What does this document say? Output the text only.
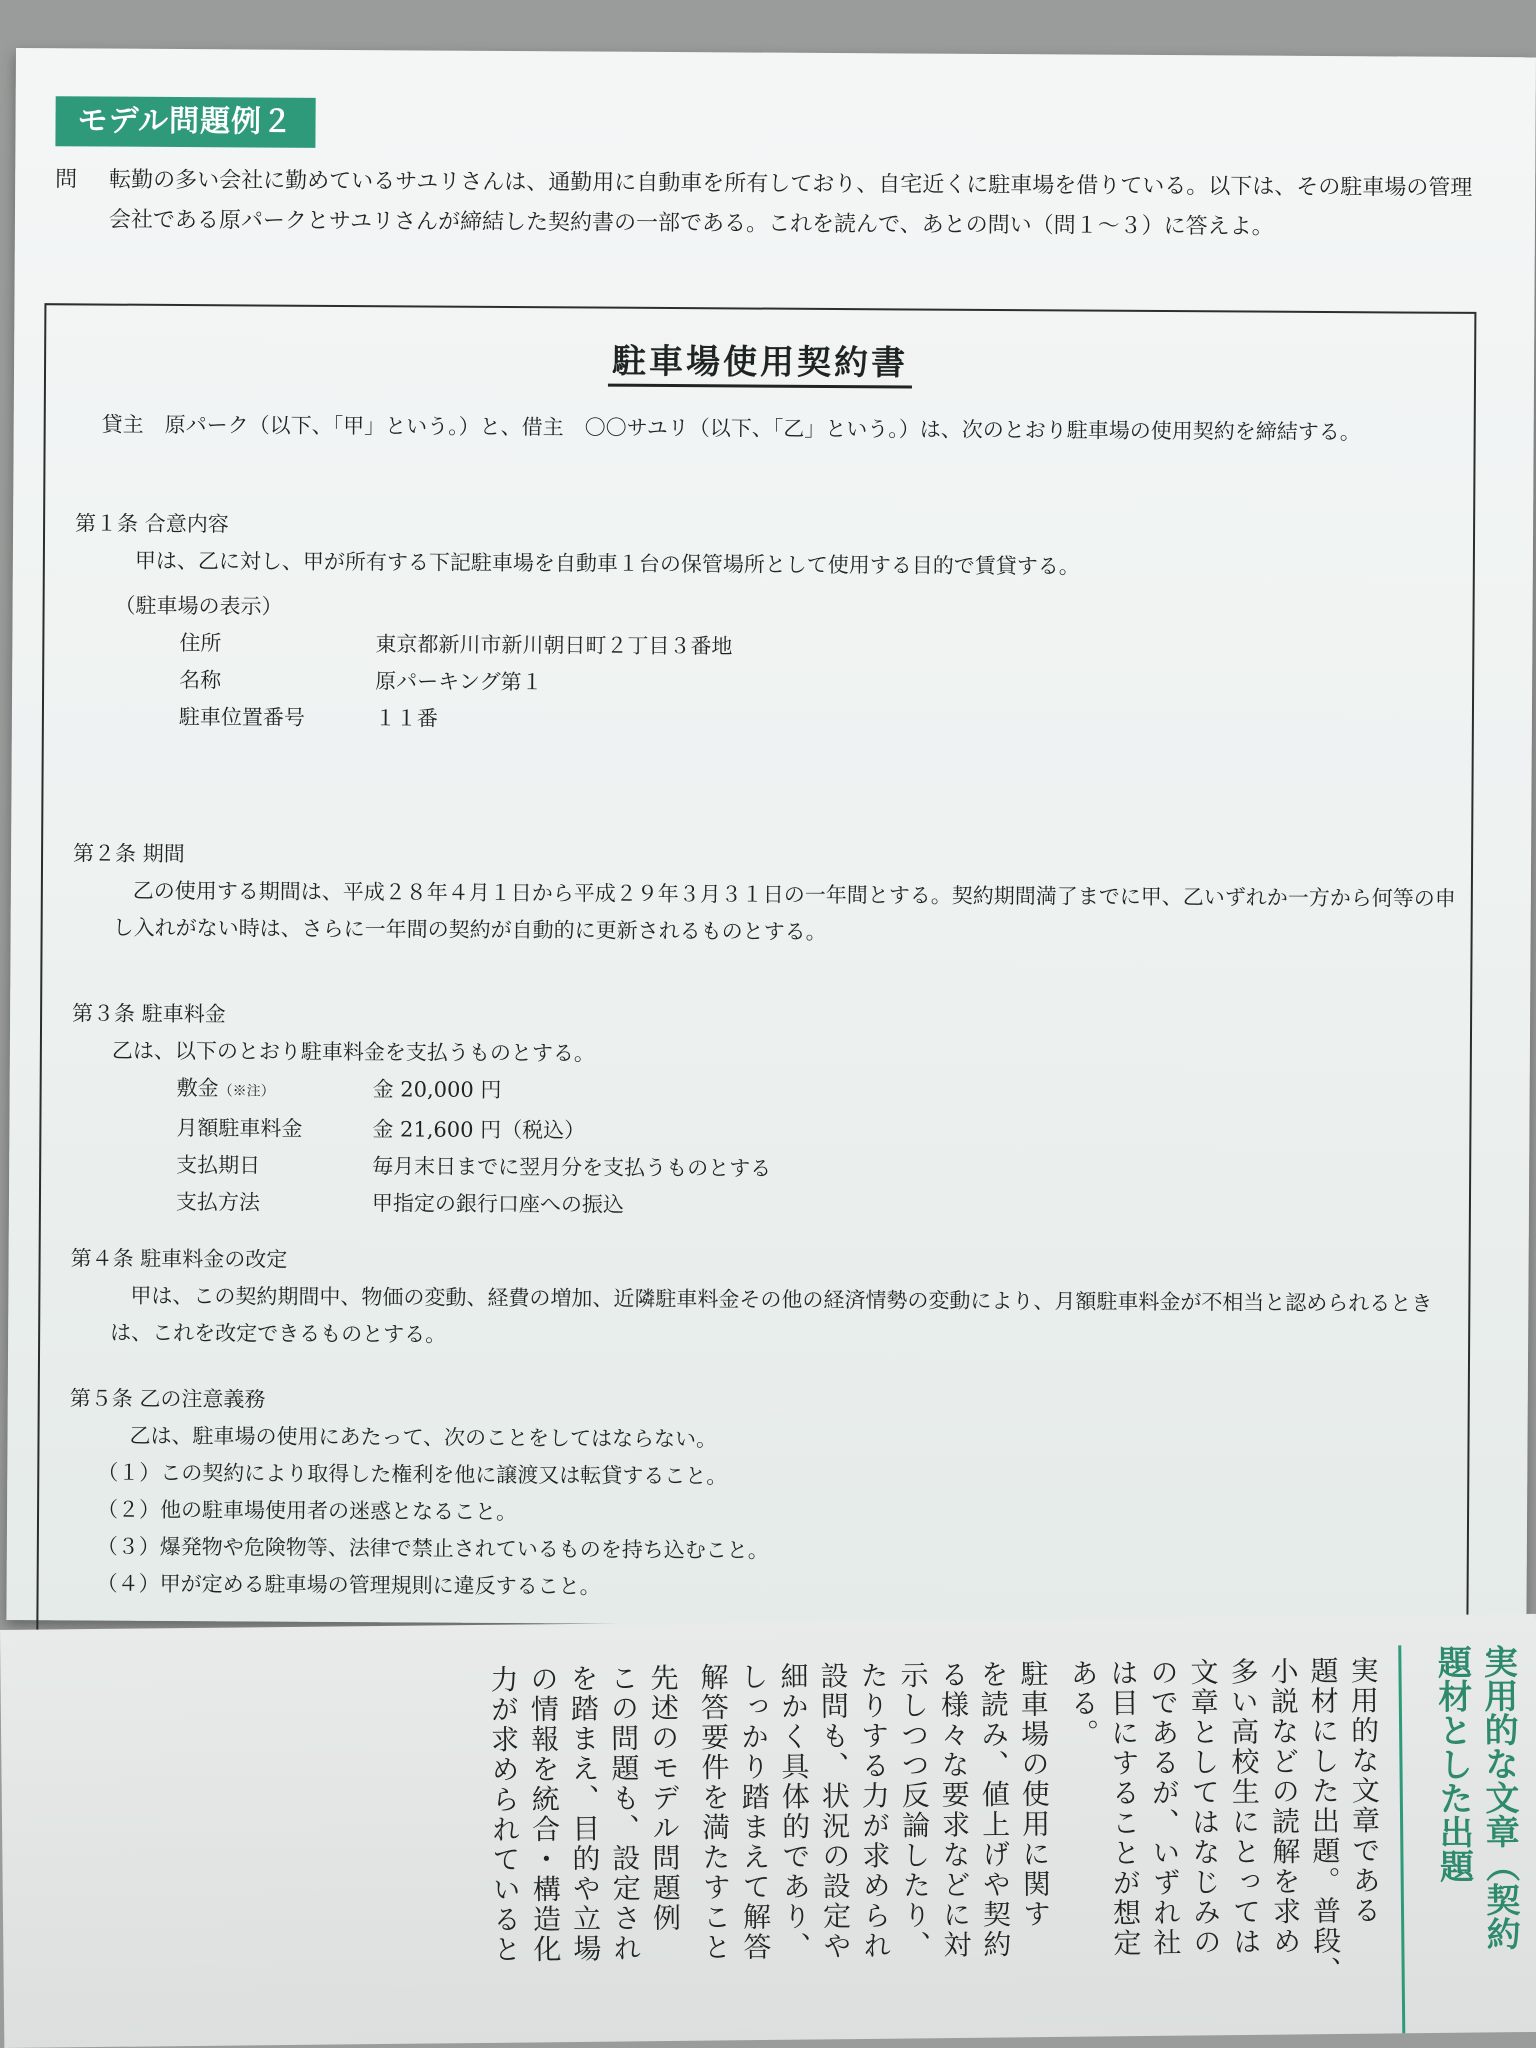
モデル問題例２
問 転勤の多い会社に勤めているサユリさんは、通勤用に自動車を所有しており、自宅近くに駐車場を借りている。以下は、その駐車場の管理会社である原パークとサユリさんが締結した契約書の一部である。これを読んで、あとの問い（問１〜３）に答えよ。
駐車場使用契約書
貸主　原パーク（以下、「甲」という。）と、借主　〇〇サユリ（以下、「乙」という。）は、次のとおり駐車場の使用契約を締結する。
第１条 合意内容
甲は、乙に対し、甲が所有する下記駐車場を自動車１台の保管場所として使用する目的で賃貸する。
（駐車場の表示）
住所	東京都新川市新川朝日町２丁目３番地
名称	原パーキング第１
駐車位置番号	１１番
第２条 期間
乙の使用する期間は、平成２８年４月１日から平成２９年３月３１日の一年間とする。契約期間満了までに甲、乙いずれか一方から何等の申し入れがない時は、さらに一年間の契約が自動的に更新されるものとする。
第３条 駐車料金
乙は、以下のとおり駐車料金を支払うものとする。
敷金（※注）	金 20,000 円
月額駐車料金	金 21,600 円（税込）
支払期日	毎月末日までに翌月分を支払うものとする
支払方法	甲指定の銀行口座への振込
第４条 駐車料金の改定
甲は、この契約期間中、物価の変動、経費の増加、近隣駐車料金その他の経済情勢の変動により、月額駐車料金が不相当と認められるときは、これを改定できるものとする。
第５条 乙の注意義務
乙は、駐車場の使用にあたって、次のことをしてはならない。
（１）この契約により取得した権利を他に譲渡又は転貸すること。
（２）他の駐車場使用者の迷惑となること。
（３）爆発物や危険物等、法律で禁止されているものを持ち込むこと。
（４）甲が定める駐車場の管理規則に違反すること。
実用的な文章（契約
題材とした出題
実用的な文章である
題材にした出題。普段、
小説などの読解を求め
多い高校生にとっては
文章としてはなじみの
のであるが、いずれ社
は目にすることが想定
ある。
駐車場の使用に関す
を読み、値上げや契約
る様々な要求などに対
示しつつ反論したり、
たりする力が求められ
設問も、状況の設定や
細かく具体的であり、
しっかり踏まえて解答
解答要件を満たすこと
先述のモデル問題例
この問題も、設定され
を踏まえ、目的や立場
の情報を統合・構造化
力が求められていると
